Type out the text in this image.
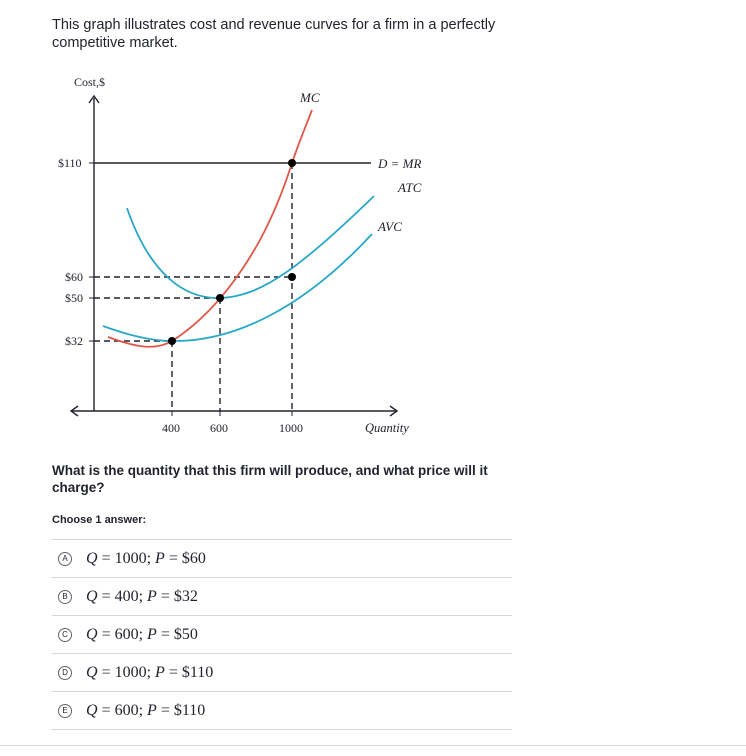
This graph illustrates cost and revenue curves for a firm in a perfectly competitive market.
Cost,$
Quantity
$110
$60
$50
$32
400	600	1000
MC
D = MR
ATC
AVC
What is the quantity that this firm will produce, and what price will it charge?
Choose 1 answer:
A Q = 1000; P = $60
B Q = 400; P = $32
C Q = 600; P = $50
D Q = 1000; P = $110
E Q = 600; P = $110
